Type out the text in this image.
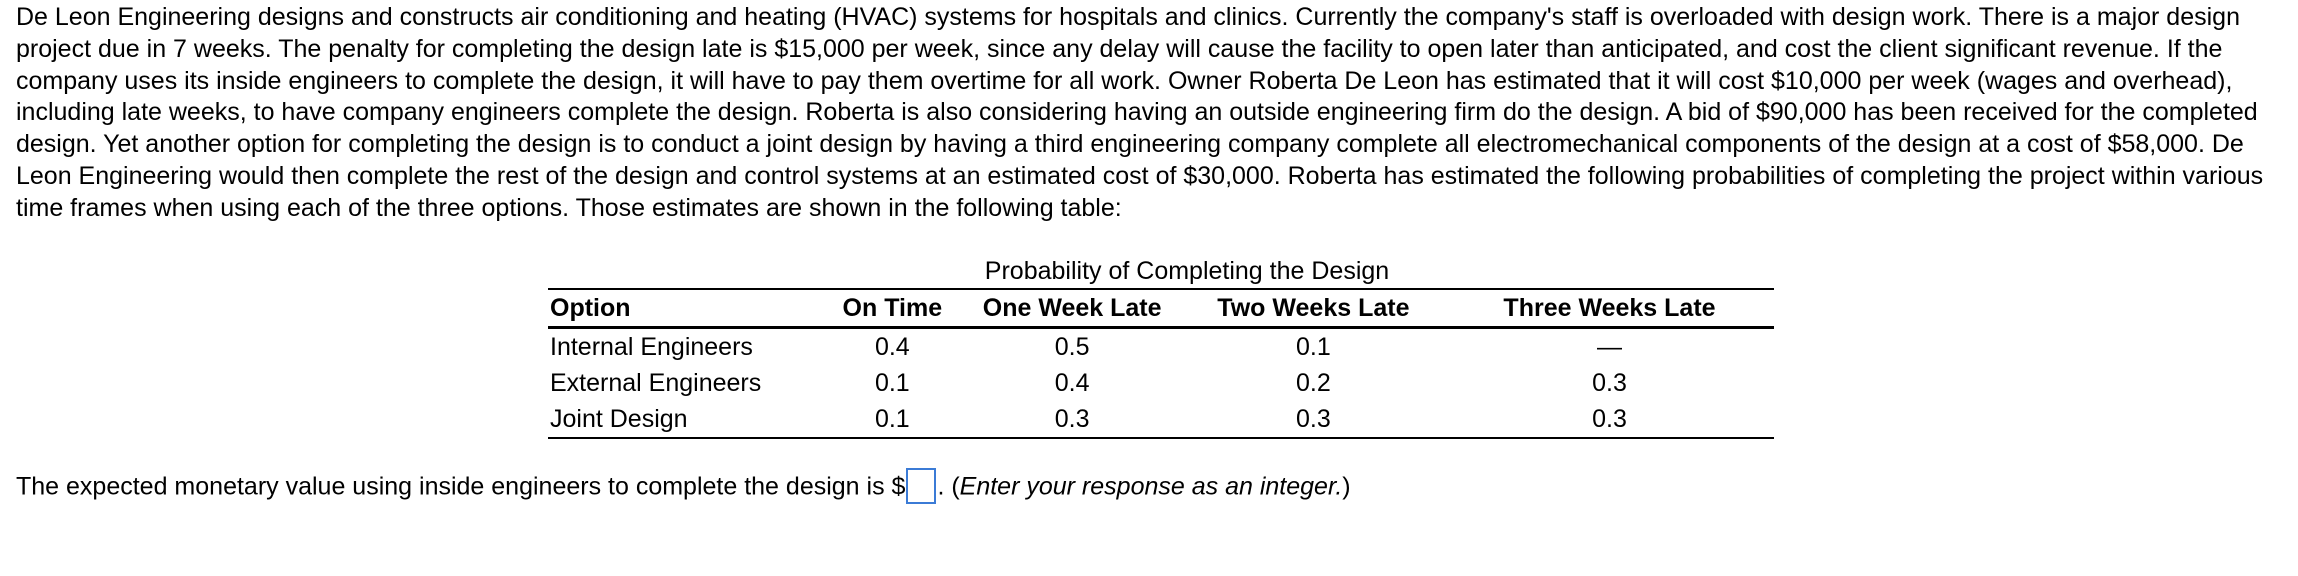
De Leon Engineering designs and constructs air conditioning and heating (HVAC) systems for hospitals and clinics. Currently the company's staff is overloaded with design work. There is a major design project due in 7 weeks. The penalty for completing the design late is $15,000 per week, since any delay will cause the facility to open later than anticipated, and cost the client significant revenue. If the company uses its inside engineers to complete the design, it will have to pay them overtime for all work. Owner Roberta De Leon has estimated that it will cost $10,000 per week (wages and overhead), including late weeks, to have company engineers complete the design. Roberta is also considering having an outside engineering firm do the design. A bid of $90,000 has been received for the completed design. Yet another option for completing the design is to conduct a joint design by having a third engineering company complete all electromechanical components of the design at a cost of $58,000. De Leon Engineering would then complete the rest of the design and control systems at an estimated cost of $30,000. Roberta has estimated the following probabilities of completing the project within various time frames when using each of the three options. Those estimates are shown in the following table:

Probability of Completing the Design
Option	On Time	One Week Late	Two Weeks Late	Three Weeks Late
Internal Engineers	0.4	0.5	0.1	—
External Engineers	0.1	0.4	0.2	0.3
Joint Design	0.1	0.3	0.3	0.3
The expected monetary value using inside engineers to complete the design is $ . (Enter your response as an integer.)
